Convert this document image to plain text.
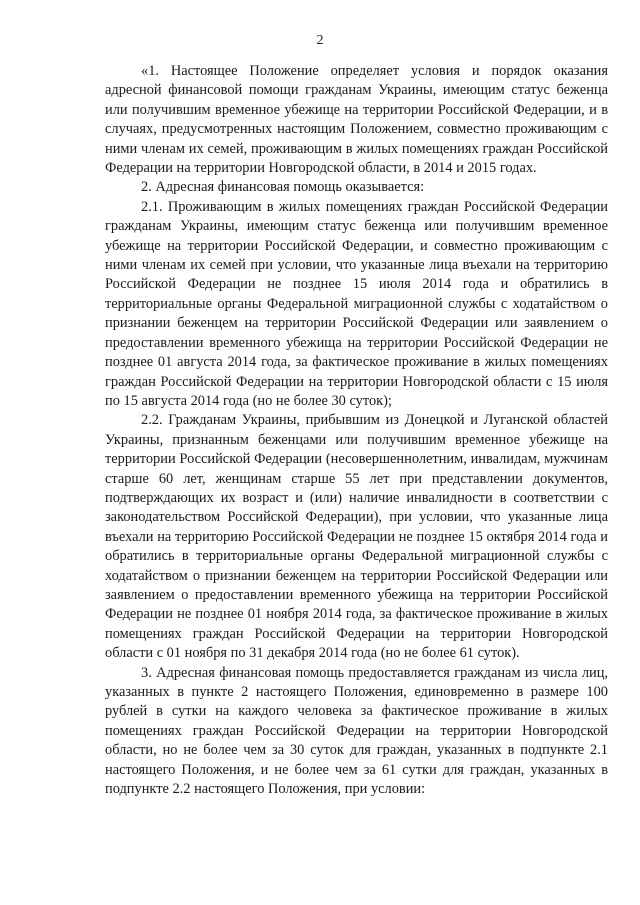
2

«1. Настоящее Положение определяет условия и порядок оказания адресной финансовой помощи гражданам Украины, имеющим статус беженца или получившим временное убежище на территории Российской Федерации, и в случаях, предусмотренных настоящим Положением, совместно проживающим с ними членам их семей, проживающим в жилых помещениях граждан Российской Федерации на территории Новгородской области, в 2014 и 2015 годах.

2. Адресная финансовая помощь оказывается:

2.1. Проживающим в жилых помещениях граждан Российской Федерации гражданам Украины, имеющим статус беженца или получившим временное убежище на территории Российской Федерации, и совместно проживающим с ними членам их семей при условии, что указанные лица въехали на территорию Российской Федерации не позднее 15 июля 2014 года и обратились в территориальные органы Федеральной миграционной службы с ходатайством о признании беженцем на территории Российской Федерации или заявлением о предоставлении временного убежища на территории Российской Федерации не позднее 01 августа 2014 года, за фактическое проживание в жилых помещениях граждан Российской Федерации на территории Новгородской области с 15 июля по 15 августа 2014 года (но не более 30 суток);

2.2. Гражданам Украины, прибывшим из Донецкой и Луганской областей Украины, признанным беженцами или получившим временное убежище на территории Российской Федерации (несовершеннолетним, инвалидам, мужчинам старше 60 лет, женщинам старше 55 лет при представлении документов, подтверждающих их возраст и (или) наличие инвалидности в соответствии с законодательством Российской Федерации), при условии, что указанные лица въехали на территорию Российской Федерации не позднее 15 октября 2014 года и обратились в территориальные органы Федеральной миграционной службы с ходатайством о признании беженцем на территории Российской Федерации или заявлением о предоставлении временного убежища на территории Российской Федерации не позднее 01 ноября 2014 года, за фактическое проживание в жилых помещениях граждан Российской Федерации на территории Новгородской области с 01 ноября по 31 декабря 2014 года (но не более 61 суток).

3. Адресная финансовая помощь предоставляется гражданам из числа лиц, указанных в пункте 2 настоящего Положения, единовременно в размере 100 рублей в сутки на каждого человека за фактическое проживание в жилых помещениях граждан Российской Федерации на территории Новгородской области, но не более чем за 30 суток для граждан, указанных в подпункте 2.1 настоящего Положения, и не более чем за 61 сутки для граждан, указанных в подпункте 2.2 настоящего Положения, при условии:
